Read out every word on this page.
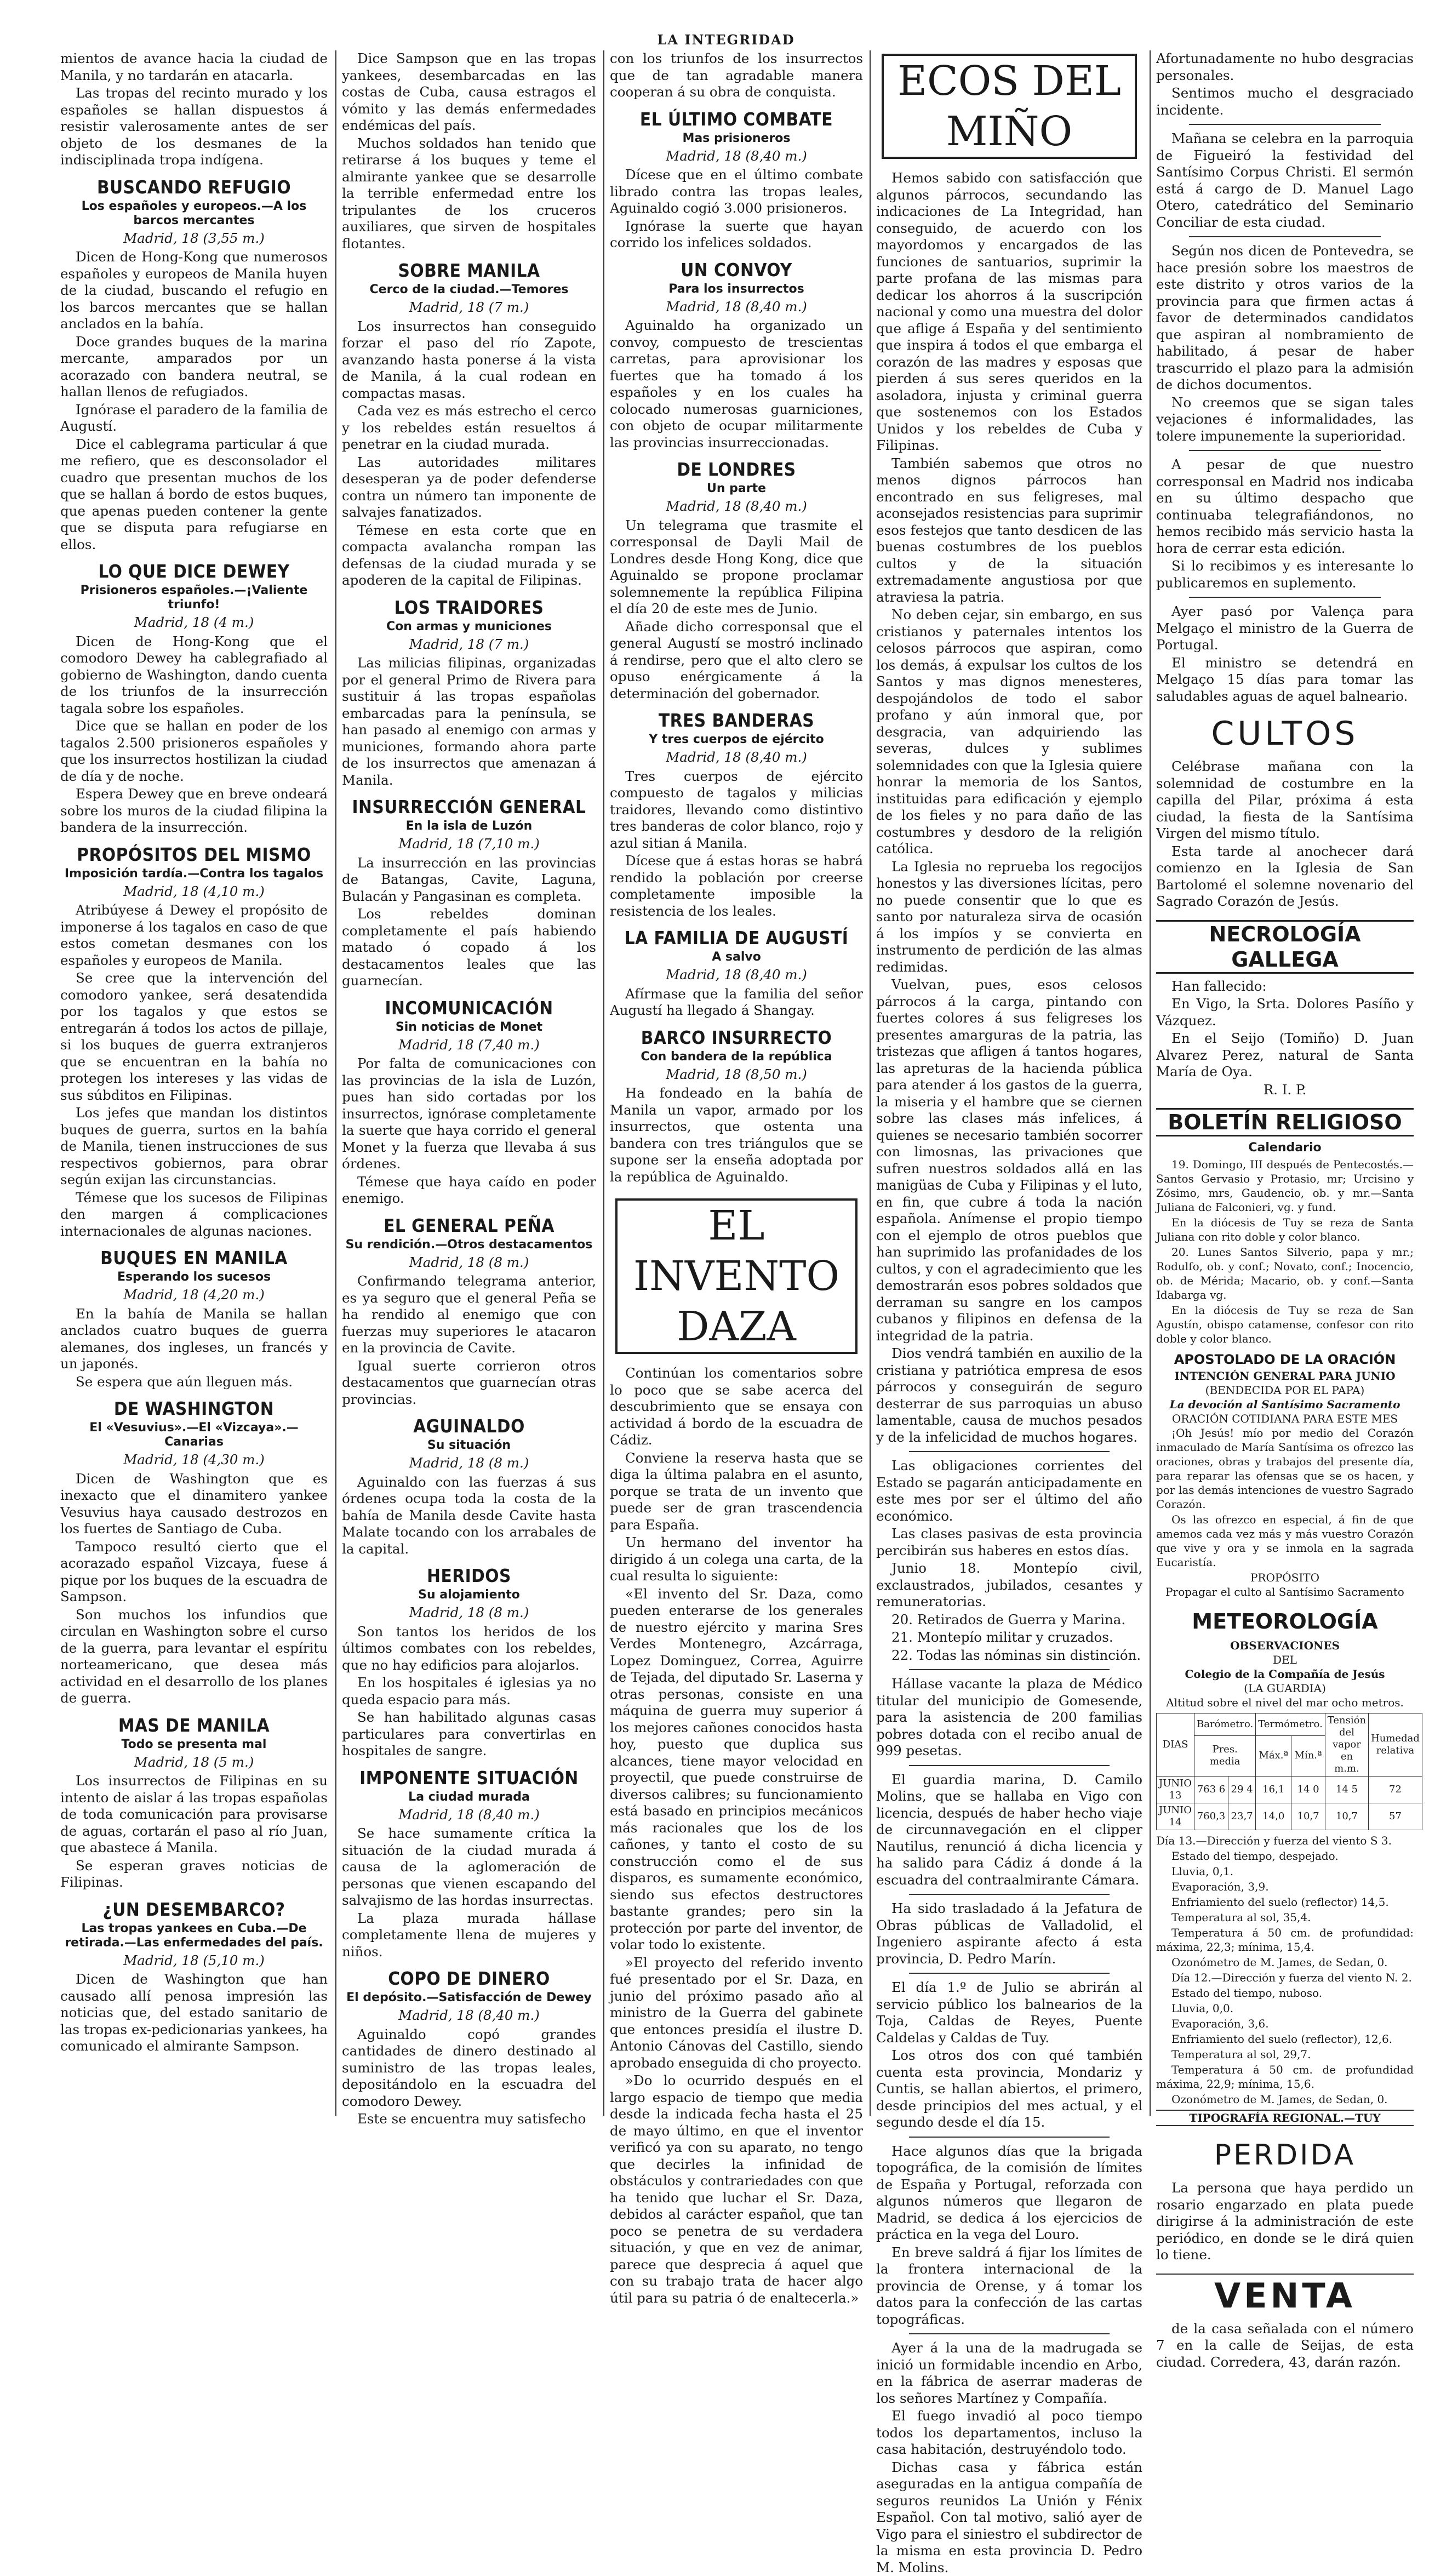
LA INTEGRIDAD

mientos de avance hacia la ciudad de Manila, y no tardarán en atacarla.

Las tropas del recinto murado y los españoles se hallan dispuestos á resistir valerosamente antes de ser objeto de los desmanes de la indisciplinada tropa indígena.

BUSCANDO REFUGIO
Los españoles y europeos.—A los barcos mercantes
Madrid, 18 (3,55 m.)

Dicen de Hong-Kong que numerosos españoles y europeos de Manila huyen de la ciudad, buscando el refugio en los barcos mercantes que se hallan anclados en la bahía.

Doce grandes buques de la marina mercante, amparados por un acorazado con bandera neutral, se hallan llenos de refugiados.

Ignórase el paradero de la familia de Augustí.

Dice el cablegrama particular á que me refiero, que es desconsolador el cuadro que presentan muchos de los que se hallan á bordo de estos buques, que apenas pueden contener la gente que se disputa para refugiarse en ellos.

LO QUE DICE DEWEY
Prisioneros españoles.—¡Valiente triunfo!
Madrid, 18 (4 m.)

Dicen de Hong-Kong que el comodoro Dewey ha cablegrafiado al gobierno de Washington, dando cuenta de los triunfos de la insurrección tagala sobre los españoles.

Dice que se hallan en poder de los tagalos 2.500 prisioneros españoles y que los insurrectos hostilizan la ciudad de día y de noche.

Espera Dewey que en breve ondeará sobre los muros de la ciudad filipina la bandera de la insurrección.

PROPÓSITOS DEL MISMO
Imposición tardía.—Contra los tagalos
Madrid, 18 (4,10 m.)

Atribúyese á Dewey el propósito de imponerse á los tagalos en caso de que estos cometan desmanes con los españoles y europeos de Manila.

Se cree que la intervención del comodoro yankee, será desatendida por los tagalos y que estos se entregarán á todos los actos de pillaje, si los buques de guerra extranjeros que se encuentran en la bahía no protegen los intereses y las vidas de sus súbditos en Filipinas.

Los jefes que mandan los distintos buques de guerra, surtos en la bahía de Manila, tienen instrucciones de sus respectivos gobiernos, para obrar según exijan las circunstancias.

Témese que los sucesos de Filipinas den margen á complicaciones internacionales de algunas naciones.

BUQUES EN MANILA
Esperando los sucesos
Madrid, 18 (4,20 m.)

En la bahía de Manila se hallan anclados cuatro buques de guerra alemanes, dos ingleses, un francés y un japonés.

Se espera que aún lleguen más.

DE WASHINGTON
El «Vesuvius».—El «Vizcaya».—Canarias
Madrid, 18 (4,30 m.)

Dicen de Washington que es inexacto que el dinamitero yankee Vesuvius haya causado destrozos en los fuertes de Santiago de Cuba.

Tampoco resultó cierto que el acorazado español Vizcaya, fuese á pique por los buques de la escuadra de Sampson.

Son muchos los infundios que circulan en Washington sobre el curso de la guerra, para levantar el espíritu norteamericano, que desea más actividad en el desarrollo de los planes de guerra.

MAS DE MANILA
Todo se presenta mal
Madrid, 18 (5 m.)

Los insurrectos de Filipinas en su intento de aislar á las tropas españolas de toda comunicación para provisarse de aguas, cortarán el paso al río Juan, que abastece á Manila.

Se esperan graves noticias de Filipinas.

¿UN DESEMBARCO?
Las tropas yankees en Cuba.—De retirada.—Las enfermedades del país.
Madrid, 18 (5,10 m.)

Dicen de Washington que han causado allí penosa impresión las noticias que, del estado sanitario de las tropas ex-pedicionarias yankees, ha comunicado el almirante Sampson.

Dice Sampson que en las tropas yankees, desembarcadas en las costas de Cuba, causa estragos el vómito y las demás enfermedades endémicas del país.

Muchos soldados han tenido que retirarse á los buques y teme el almirante yankee que se desarrolle la terrible enfermedad entre los tripulantes de los cruceros auxiliares, que sirven de hospitales flotantes.

SOBRE MANILA
Cerco de la ciudad.—Temores
Madrid, 18 (7 m.)

Los insurrectos han conseguido forzar el paso del río Zapote, avanzando hasta ponerse á la vista de Manila, á la cual rodean en compactas masas.

Cada vez es más estrecho el cerco y los rebeldes están resueltos á penetrar en la ciudad murada.

Las autoridades militares desesperan ya de poder defenderse contra un número tan imponente de salvajes fanatizados.

Témese en esta corte que en compacta avalancha rompan las defensas de la ciudad murada y se apoderen de la capital de Filipinas.

LOS TRAIDORES
Con armas y municiones
Madrid, 18 (7 m.)

Las milicias filipinas, organizadas por el general Primo de Rivera para sustituir á las tropas españolas embarcadas para la península, se han pasado al enemigo con armas y municiones, formando ahora parte de los insurrectos que amenazan á Manila.

INSURRECCIÓN GENERAL
En la isla de Luzón
Madrid, 18 (7,10 m.)

La insurrección en las provincias de Batangas, Cavite, Laguna, Bulacán y Pangasinan es completa.

Los rebeldes dominan completamente el país habiendo matado ó copado á los destacamentos leales que las guarnecían.

INCOMUNICACIÓN
Sin noticias de Monet
Madrid, 18 (7,40 m.)

Por falta de comunicaciones con las provincias de la isla de Luzón, pues han sido cortadas por los insurrectos, ignórase completamente la suerte que haya corrido el general Monet y la fuerza que llevaba á sus órdenes.

Témese que haya caído en poder enemigo.

EL GENERAL PEÑA
Su rendición.—Otros destacamentos
Madrid, 18 (8 m.)

Confirmando telegrama anterior, es ya seguro que el general Peña se ha rendido al enemigo que con fuerzas muy superiores le atacaron en la provincia de Cavite.

Igual suerte corrieron otros destacamentos que guarnecían otras provincias.

AGUINALDO
Su situación
Madrid, 18 (8 m.)

Aguinaldo con las fuerzas á sus órdenes ocupa toda la costa de la bahía de Manila desde Cavite hasta Malate tocando con los arrabales de la capital.

HERIDOS
Su alojamiento
Madrid, 18 (8 m.)

Son tantos los heridos de los últimos combates con los rebeldes, que no hay edificios para alojarlos.

En los hospitales é iglesias ya no queda espacio para más.

Se han habilitado algunas casas particulares para convertirlas en hospitales de sangre.

IMPONENTE SITUACIÓN
La ciudad murada
Madrid, 18 (8,40 m.)

Se hace sumamente crítica la situación de la ciudad murada á causa de la aglomeración de personas que vienen escapando del salvajismo de las hordas insurrectas.

La plaza murada hállase completamente llena de mujeres y niños.

COPO DE DINERO
El depósito.—Satisfacción de Dewey
Madrid, 18 (8,40 m.)

Aguinaldo copó grandes cantidades de dinero destinado al suministro de las tropas leales, depositándolo en la escuadra del comodoro Dewey.

Este se encuentra muy satisfecho

con los triunfos de los insurrectos que de tan agradable manera cooperan á su obra de conquista.

EL ÚLTIMO COMBATE
Mas prisioneros
Madrid, 18 (8,40 m.)

Dícese que en el último combate librado contra las tropas leales, Aguinaldo cogió 3.000 prisioneros.

Ignórase la suerte que hayan corrido los infelices soldados.

UN CONVOY
Para los insurrectos
Madrid, 18 (8,40 m.)

Aguinaldo ha organizado un convoy, compuesto de trescientas carretas, para aprovisionar los fuertes que ha tomado á los españoles y en los cuales ha colocado numerosas guarniciones, con objeto de ocupar militarmente las provincias insurreccionadas.

DE LONDRES
Un parte
Madrid, 18 (8,40 m.)

Un telegrama que trasmite el corresponsal de Dayli Mail de Londres desde Hong Kong, dice que Aguinaldo se propone proclamar solemnemente la república Filipina el día 20 de este mes de Junio.

Añade dicho corresponsal que el general Augustí se mostró inclinado á rendirse, pero que el alto clero se opuso enérgicamente á la determinación del gobernador.

TRES BANDERAS
Y tres cuerpos de ejército
Madrid, 18 (8,40 m.)

Tres cuerpos de ejército compuesto de tagalos y milicias traidores, llevando como distintivo tres banderas de color blanco, rojo y azul sitian á Manila.

Dícese que á estas horas se habrá rendido la población por creerse completamente imposible la resistencia de los leales.

LA FAMILIA DE AUGUSTÍ
A salvo
Madrid, 18 (8,40 m.)

Afírmase que la familia del señor Augustí ha llegado á Shangay.

BARCO INSURRECTO
Con bandera de la república
Madrid, 18 (8,50 m.)

Ha fondeado en la bahía de Manila un vapor, armado por los insurrectos, que ostenta una bandera con tres triángulos que se supone ser la enseña adoptada por la república de Aguinaldo.

EL INVENTO DAZA

Continúan los comentarios sobre lo poco que se sabe acerca del descubrimiento que se ensaya con actividad á bordo de la escuadra de Cádiz.

Conviene la reserva hasta que se diga la última palabra en el asunto, porque se trata de un invento que puede ser de gran trascendencia para España.

Un hermano del inventor ha dirigido á un colega una carta, de la cual resulta lo siguiente:

«El invento del Sr. Daza, como pueden enterarse de los generales de nuestro ejército y marina Sres Verdes Montenegro, Azcárraga, Lopez Dominguez, Correa, Aguirre de Tejada, del diputado Sr. Laserna y otras personas, consiste en una máquina de guerra muy superior á los mejores cañones conocidos hasta hoy, puesto que duplica sus alcances, tiene mayor velocidad en proyectil, que puede construirse de diversos calibres; su funcionamiento está basado en principios mecánicos más racionales que los de los cañones, y tanto el costo de su construcción como el de sus disparos, es sumamente económico, siendo sus efectos destructores bastante grandes; pero sin la protección por parte del inventor, de volar todo lo existente.

»El proyecto del referido invento fué presentado por el Sr. Daza, en junio del próximo pasado año al ministro de la Guerra del gabinete que entonces presidía el ilustre D. Antonio Cánovas del Castillo, siendo aprobado enseguida di cho proyecto.

»Do lo ocurrido después en el largo espacio de tiempo que media desde la indicada fecha hasta el 25 de mayo último, en que el inventor verificó ya con su aparato, no tengo que decirles la infinidad de obstáculos y contrariedades con que ha tenido que luchar el Sr. Daza, debidos al carácter español, que tan poco se penetra de su verdadera situación, y que en vez de animar, parece que desprecia á aquel que con su trabajo trata de hacer algo útil para su patria ó de enaltecerla.»

ECOS DEL MIÑO

Hemos sabido con satisfacción que algunos párrocos, secundando las indicaciones de La Integridad, han conseguido, de acuerdo con los mayordomos y encargados de las funciones de santuarios, suprimir la parte profana de las mismas para dedicar los ahorros á la suscripción nacional y como una muestra del dolor que aflige á España y del sentimiento que inspira á todos el que embarga el corazón de las madres y esposas que pierden á sus seres queridos en la asoladora, injusta y criminal guerra que sostenemos con los Estados Unidos y los rebeldes de Cuba y Filipinas.

También sabemos que otros no menos dignos párrocos han encontrado en sus feligreses, mal aconsejados resistencias para suprimir esos festejos que tanto desdicen de las buenas costumbres de los pueblos cultos y de la situación extremadamente angustiosa por que atraviesa la patria.

No deben cejar, sin embargo, en sus cristianos y paternales intentos los celosos párrocos que aspiran, como los demás, á expulsar los cultos de los Santos y mas dignos menesteres, despojándolos de todo el sabor profano y aún inmoral que, por desgracia, van adquiriendo las severas, dulces y sublimes solemnidades con que la Iglesia quiere honrar la memoria de los Santos, instituidas para edificación y ejemplo de los fieles y no para daño de las costumbres y desdoro de la religión católica.

La Iglesia no reprueba los regocijos honestos y las diversiones lícitas, pero no puede consentir que lo que es santo por naturaleza sirva de ocasión á los impíos y se convierta en instrumento de perdición de las almas redimidas.

Vuelvan, pues, esos celosos párrocos á la carga, pintando con fuertes colores á sus feligreses los presentes amarguras de la patria, las tristezas que afligen á tantos hogares, las apreturas de la hacienda pública para atender á los gastos de la guerra, la miseria y el hambre que se ciernen sobre las clases más infelices, á quienes se necesario también socorrer con limosnas, las privaciones que sufren nuestros soldados allá en las manigüas de Cuba y Filipinas y el luto, en fin, que cubre á toda la nación española. Anímense el propio tiempo con el ejemplo de otros pueblos que han suprimido las profanidades de los cultos, y con el agradecimiento que les demostrarán esos pobres soldados que derraman su sangre en los campos cubanos y filipinos en defensa de la integridad de la patria.

Dios vendrá también en auxilio de la cristiana y patriótica empresa de esos párrocos y conseguirán de seguro desterrar de sus parroquias un abuso lamentable, causa de muchos pesados y de la infelicidad de muchos hogares.

Las obligaciones corrientes del Estado se pagarán anticipadamente en este mes por ser el último del año económico.

Las clases pasivas de esta provincia percibirán sus haberes en estos días.

Junio 18. Montepío civil, exclaustrados, jubilados, cesantes y remuneratorias.

20. Retirados de Guerra y Marina.

21. Montepío militar y cruzados.

22. Todas las nóminas sin distinción.

Hállase vacante la plaza de Médico titular del municipio de Gomesende, para la asistencia de 200 familias pobres dotada con el recibo anual de 999 pesetas.

El guardia marina, D. Camilo Molins, que se hallaba en Vigo con licencia, después de haber hecho viaje de circunnavegación en el clipper Nautilus, renunció á dicha licencia y ha salido para Cádiz á donde á la escuadra del contraalmirante Cámara.

Ha sido trasladado á la Jefatura de Obras públicas de Valladolid, el Ingeniero aspirante afecto á esta provincia, D. Pedro Marín.

El día 1.º de Julio se abrirán al servicio público los balnearios de la Toja, Caldas de Reyes, Puente Caldelas y Caldas de Tuy.

Los otros dos con qué también cuenta esta provincia, Mondariz y Cuntis, se hallan abiertos, el primero, desde principios del mes actual, y el segundo desde el día 15.

Hace algunos días que la brigada topográfica, de la comisión de límites de España y Portugal, reforzada con algunos números que llegaron de Madrid, se dedica á los ejercicios de práctica en la vega del Louro.

En breve saldrá á fijar los límites de la frontera internacional de la provincia de Orense, y á tomar los datos para la confección de las cartas topográficas.

Ayer á la una de la madrugada se inició un formidable incendio en Arbo, en la fábrica de aserrar maderas de los señores Martínez y Compañía.

El fuego invadió al poco tiempo todos los departamentos, incluso la casa habitación, destruyéndolo todo.

Dichas casa y fábrica están aseguradas en la antigua compañía de seguros reunidos La Unión y Fénix Español. Con tal motivo, salió ayer de Vigo para el siniestro el subdirector de la misma en esta provincia D. Pedro M. Molins.

Afortunadamente no hubo desgracias personales.

Sentimos mucho el desgraciado incidente.

Mañana se celebra en la parroquia de Figueiró la festividad del Santísimo Corpus Christi. El sermón está á cargo de D. Manuel Lago Otero, catedrático del Seminario Conciliar de esta ciudad.

Según nos dicen de Pontevedra, se hace presión sobre los maestros de este distrito y otros varios de la provincia para que firmen actas á favor de determinados candidatos que aspiran al nombramiento de habilitado, á pesar de haber trascurrido el plazo para la admisión de dichos documentos.

No creemos que se sigan tales vejaciones é informalidades, las tolere impunemente la superioridad.

A pesar de que nuestro corresponsal en Madrid nos indicaba en su último despacho que continuaba telegrafiándonos, no hemos recibido más servicio hasta la hora de cerrar esta edición.

Si lo recibimos y es interesante lo publicaremos en suplemento.

Ayer pasó por Valença para Melgaço el ministro de la Guerra de Portugal.

El ministro se detendrá en Melgaço 15 días para tomar las saludables aguas de aquel balneario.

CULTOS

Celébrase mañana con la solemnidad de costumbre en la capilla del Pilar, próxima á esta ciudad, la fiesta de la Santísima Virgen del mismo título.

Esta tarde al anochecer dará comienzo en la Iglesia de San Bartolomé el solemne novenario del Sagrado Corazón de Jesús.

NECROLOGÍA GALLEGA

Han fallecido:

En Vigo, la Srta. Dolores Pasíño y Vázquez.

En el Seijo (Tomiño) D. Juan Alvarez Perez, natural de Santa María de Oya.

R. I. P.
BOLETÍN RELIGIOSO
Calendario

19. Domingo, III después de Pentecostés.—Santos Gervasio y Protasio, mr; Urcisino y Zósimo, mrs, Gaudencio, ob. y mr.—Santa Juliana de Falconieri, vg. y fund.

En la diócesis de Tuy se reza de Santa Juliana con rito doble y color blanco.

20. Lunes Santos Silverio, papa y mr.; Rodulfo, ob. y conf.; Novato, conf.; Inocencio, ob. de Mérida; Macario, ob. y conf.—Santa Idabarga vg.

En la diócesis de Tuy se reza de San Agustín, obispo catamense, confesor con rito doble y color blanco.

APOSTOLADO DE LA ORACIÓN
INTENCIÓN GENERAL PARA JUNIO
(BENDECIDA POR EL PAPA)
La devoción al Santísimo Sacramento
ORACIÓN COTIDIANA PARA ESTE MES

¡Oh Jesús! mío por medio del Corazón inmaculado de María Santísima os ofrezco las oraciones, obras y trabajos del presente día, para reparar las ofensas que se os hacen, y por las demás intenciones de vuestro Sagrado Corazón.

Os las ofrezco en especial, á fin de que amemos cada vez más y más vuestro Corazón que vive y ora y se inmola en la sagrada Eucaristía.

PROPÓSITO
Propagar el culto al Santísimo Sacramento
METEOROLOGÍA
OBSERVACIONES
DEL
Colegio de la Compañía de Jesús
(LA GUARDIA)
Altitud sobre el nivel del mar ocho metros.
DIAS	Barómetro.		Termómetro.		Tensión del vapor en m.m.	Humedad relativa
	Pres. media		Máx.ª	Mín.ª		
JUNIO 13	763 6	29 4	16,1	14 0	14 5	72
JUNIO 14	760,3	23,7	14,0	10,7	10,7	57

Día 13.—Dirección y fuerza del viento S 3.

Estado del tiempo, despejado.

Lluvia, 0,1.

Evaporación, 3,9.

Enfriamiento del suelo (reflector) 14,5.

Temperatura al sol, 35,4.

Temperatura á 50 cm. de profundidad: máxima, 22,3; mínima, 15,4.

Ozonómetro de M. James, de Sedan, 0.

Día 12.—Dirección y fuerza del viento N. 2.

Estado del tiempo, nuboso.

Lluvia, 0,0.

Evaporación, 3,6.

Enfriamiento del suelo (reflector), 12,6.

Temperatura al sol, 29,7.

Temperatura á 50 cm. de profundidad máxima, 22,9; mínima, 15,6.

Ozonómetro de M. James, de Sedan, 0.

TIPOGRAFÍA REGIONAL.—TUY
PERDIDA

La persona que haya perdido un rosario engarzado en plata puede dirigirse á la administración de este periódico, en donde se le dirá quien lo tiene.

VENTA

de la casa señalada con el número 7 en la calle de Seijas, de esta ciudad. Corredera, 43, darán razón.
